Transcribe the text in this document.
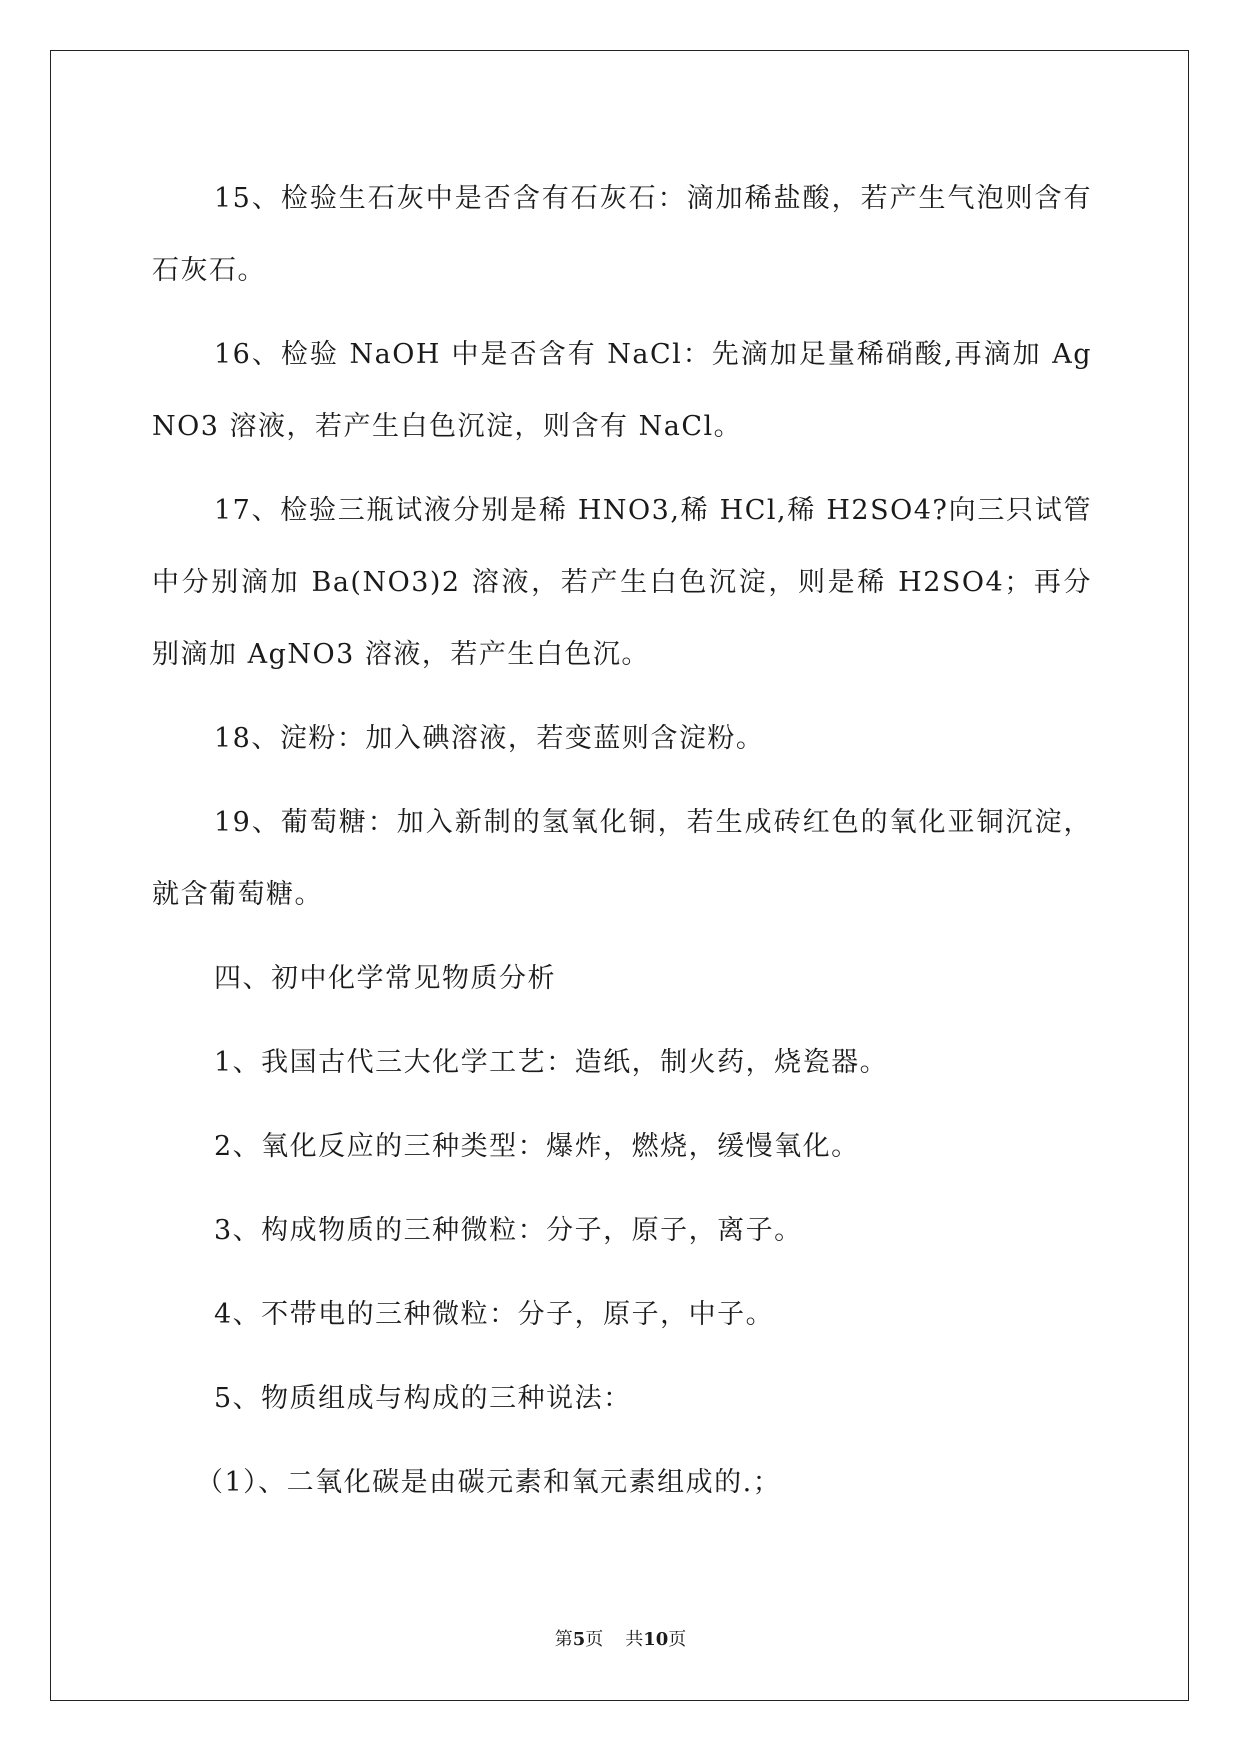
15、检验生石灰中是否含有石灰石：滴加稀盐酸，若产生气泡则含有石灰石。

16、检验 NaOH 中是否含有 NaCl：先滴加足量稀硝酸,再滴加 AgNO3 溶液，若产生白色沉淀，则含有 NaCl。

17、检验三瓶试液分别是稀 HNO3,稀 HCl,稀 H2SO4?向三只试管中分别滴加 Ba(NO3)2 溶液，若产生白色沉淀，则是稀 H2SO4；再分别滴加 AgNO3 溶液，若产生白色沉。

18、淀粉：加入碘溶液，若变蓝则含淀粉。

19、葡萄糖：加入新制的氢氧化铜，若生成砖红色的氧化亚铜沉淀，就含葡萄糖。

四、初中化学常见物质分析

1、我国古代三大化学工艺：造纸，制火药，烧瓷器。

2、氧化反应的三种类型：爆炸，燃烧，缓慢氧化。

3、构成物质的三种微粒：分子，原子，离子。

4、不带电的三种微粒：分子，原子，中子。

5、物质组成与构成的三种说法：

（1）、二氧化碳是由碳元素和氧元素组成的.；

第5页 共10页
